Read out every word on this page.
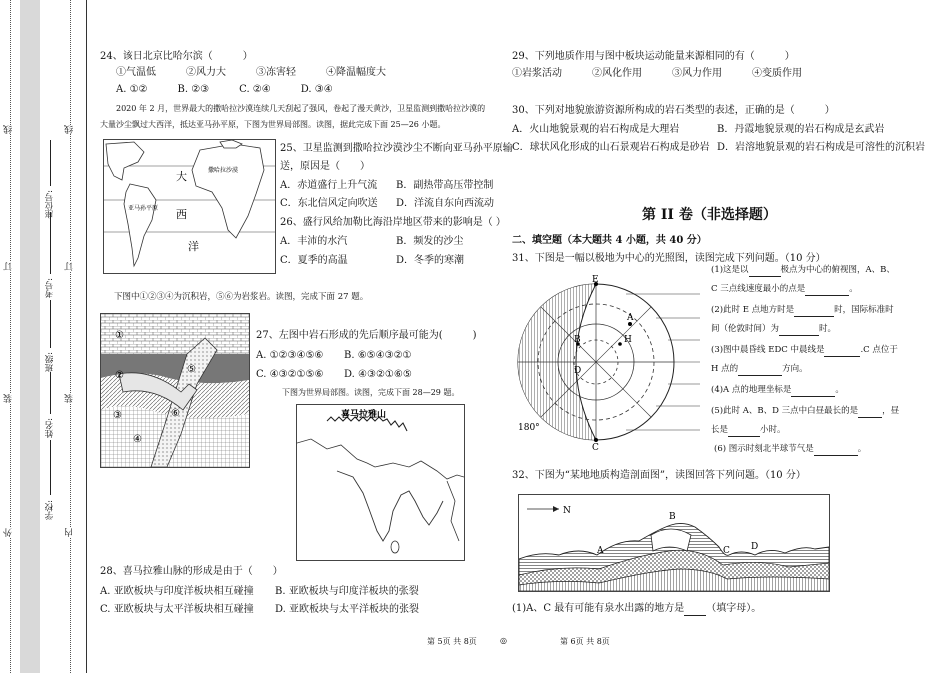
外
装
订
线
内
装
订
线
学校:
姓名:
班级:
考号:
座位号:
24、该日北京比哈尔滨（　　　）
①气温低　　　②风力大　　　③冻害轻　　　④降温幅度大
A. ①②　　　B. ②③　　　C. ②④　　　D. ③④
2020 年 2 月，世界最大的撒哈拉沙漠连续几天刮起了强风，卷起了漫天黄沙，卫星监测到撒哈拉沙漠的
大量沙尘飘过大西洋，抵达亚马孙平原，下图为世界局部图。读图，据此完成下面 25—26 小题。
撒哈拉沙漠
亚马孙平原
大
西
洋
25、卫星监测到撒哈拉沙漠沙尘不断向亚马孙平原输
送，原因是（　　）
A．赤道盛行上升气流 B．副热带高压带控制
C．东北信风定向吹送 D．洋流自东向西流动
26、盛行风给加勒比海沿岸地区带来的影响是（ ）
A．丰沛的水汽	B．频发的沙尘
C．夏季的高温	D．冬季的寒潮
下图中①②③④为沉积岩，⑤⑥为岩浆岩。读图，完成下面 27 题。
①
②
③
④
⑤
⑥
27、左图中岩石形成的先后顺序最可能为(　　　)
A. ①②③④⑤⑥ B. ⑥⑤④③②①
C. ④③②①⑤⑥ D. ④③②①⑥⑤
下图为世界局部图。读图，完成下面 28—29 题。
喜马拉雅山
28、喜马拉雅山脉的形成是由于（　　）
A. 亚欧板块与印度洋板块相互碰撞 B. 亚欧板块与印度洋板块的张裂
C. 亚欧板块与太平洋板块相互碰撞 D. 亚欧板块与太平洋板块的张裂
29、下列地质作用与图中板块运动能量来源相同的有（　　　）
①岩浆活动　　　②风化作用　　　③风力作用　　　④变质作用
30、下列对地貌旅游资源所构成的岩石类型的表述，正确的是（　　　）
A．火山地貌景观的岩石构成是大理岩	B．丹霞地貌景观的岩石构成是玄武岩
C．球状风化形成的山石景观岩石构成是砂岩 D．岩溶地貌景观的岩石构成是可溶性的沉积岩
第 II 卷（非选择题）
二、填空题（本大题共 4 小题，共 40 分）
31、下图是一幅以极地为中心的光照图，读图完成下列问题。（10 分）
E
A
H
B
D
C
180°
(1)这是以	极点为中心的俯视图，A、B、
C 三点线速度最小的点是	。
(2)此时 E 点地方时是	时，国际标准时
间（伦敦时间）为	时。
(3)图中晨昏线 EDC 中晨线是	.C 点位于
H 点的	方向。
(4)A 点的地理坐标是	。
(5)此时 A、B、D 三点中白昼最长的是	，昼
长是	小时。
(6) 图示时刻北半球节气是	。
32、下图为“某地地质构造剖面图”，读图回答下列问题。（10 分）
N
A
B
C D
(1)A、C 最有可能有泉水出露的地方是 （填字母）。
第 5页 共 8页	◎	第 6页 共 8页
